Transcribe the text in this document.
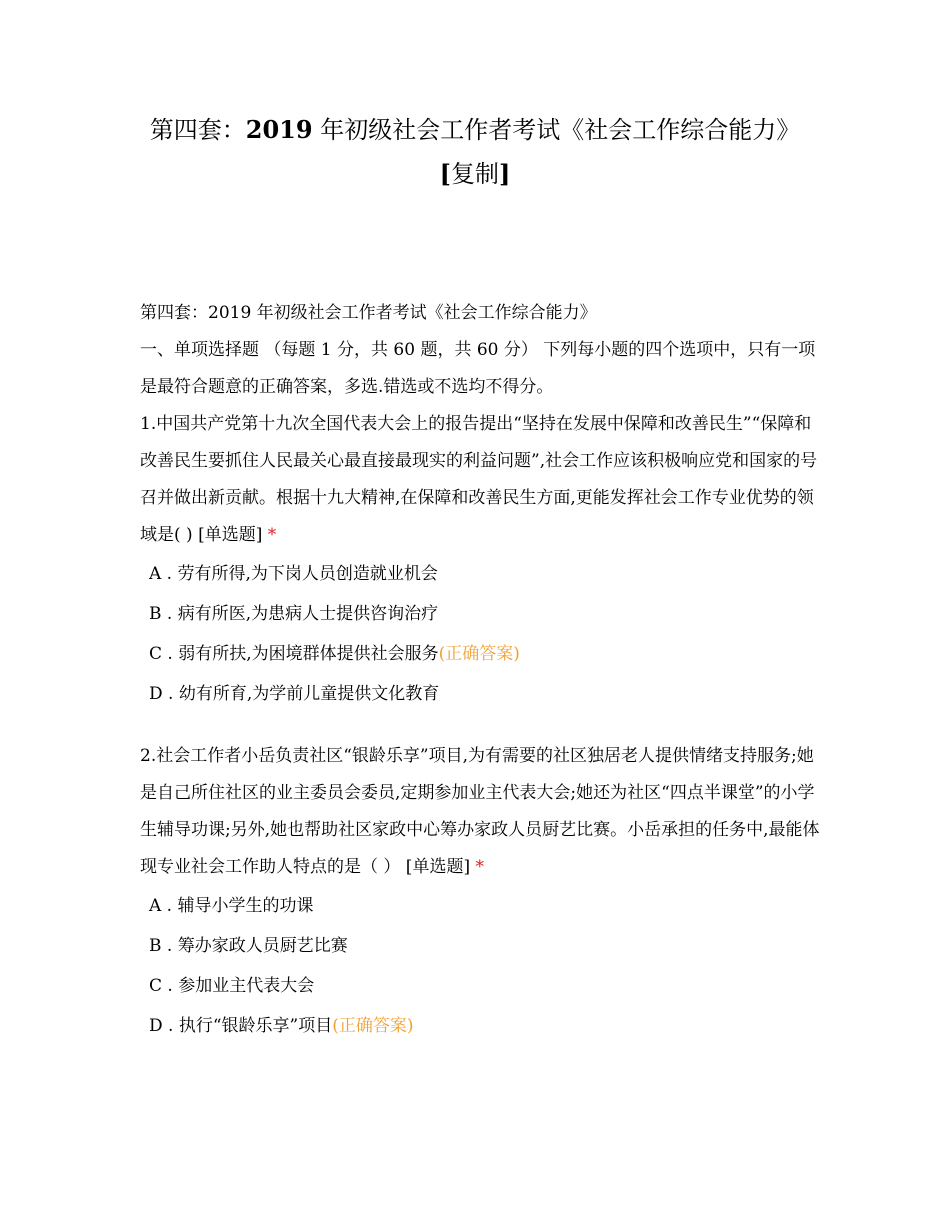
第四套：2019 年初级社会工作者考试《社会工作综合能力》
[复制]

第四套：2019 年初级社会工作者考试《社会工作综合能力》

一、单项选择题 （每题 1 分，共 60 题，共 60 分） 下列每小题的四个选项中，只有一项是最符合题意的正确答案，多选.错选或不选均不得分。

1.中国共产党第十九次全国代表大会上的报告提出“坚持在发展中保障和改善民生”“保障和改善民生要抓住人民最关心最直接最现实的利益问题”,社会工作应该积极响应党和国家的号召并做出新贡献。根据十九大精神,在保障和改善民生方面,更能发挥社会工作专业优势的领域是( ) [单选题] *

A . 劳有所得,为下岗人员创造就业机会
B . 病有所医,为患病人士提供咨询治疗
C . 弱有所扶,为困境群体提供社会服务(正确答案)
D . 幼有所育,为学前儿童提供文化教育

2.社会工作者小岳负责社区“银龄乐享”项目,为有需要的社区独居老人提供情绪支持服务;她是自己所住社区的业主委员会委员,定期参加业主代表大会;她还为社区“四点半课堂”的小学生辅导功课;另外,她也帮助社区家政中心筹办家政人员厨艺比赛。小岳承担的任务中,最能体现专业社会工作助人特点的是（ ） [单选题] *

A . 辅导小学生的功课
B . 筹办家政人员厨艺比赛
C . 参加业主代表大会
D . 执行“银龄乐享”项目(正确答案)
